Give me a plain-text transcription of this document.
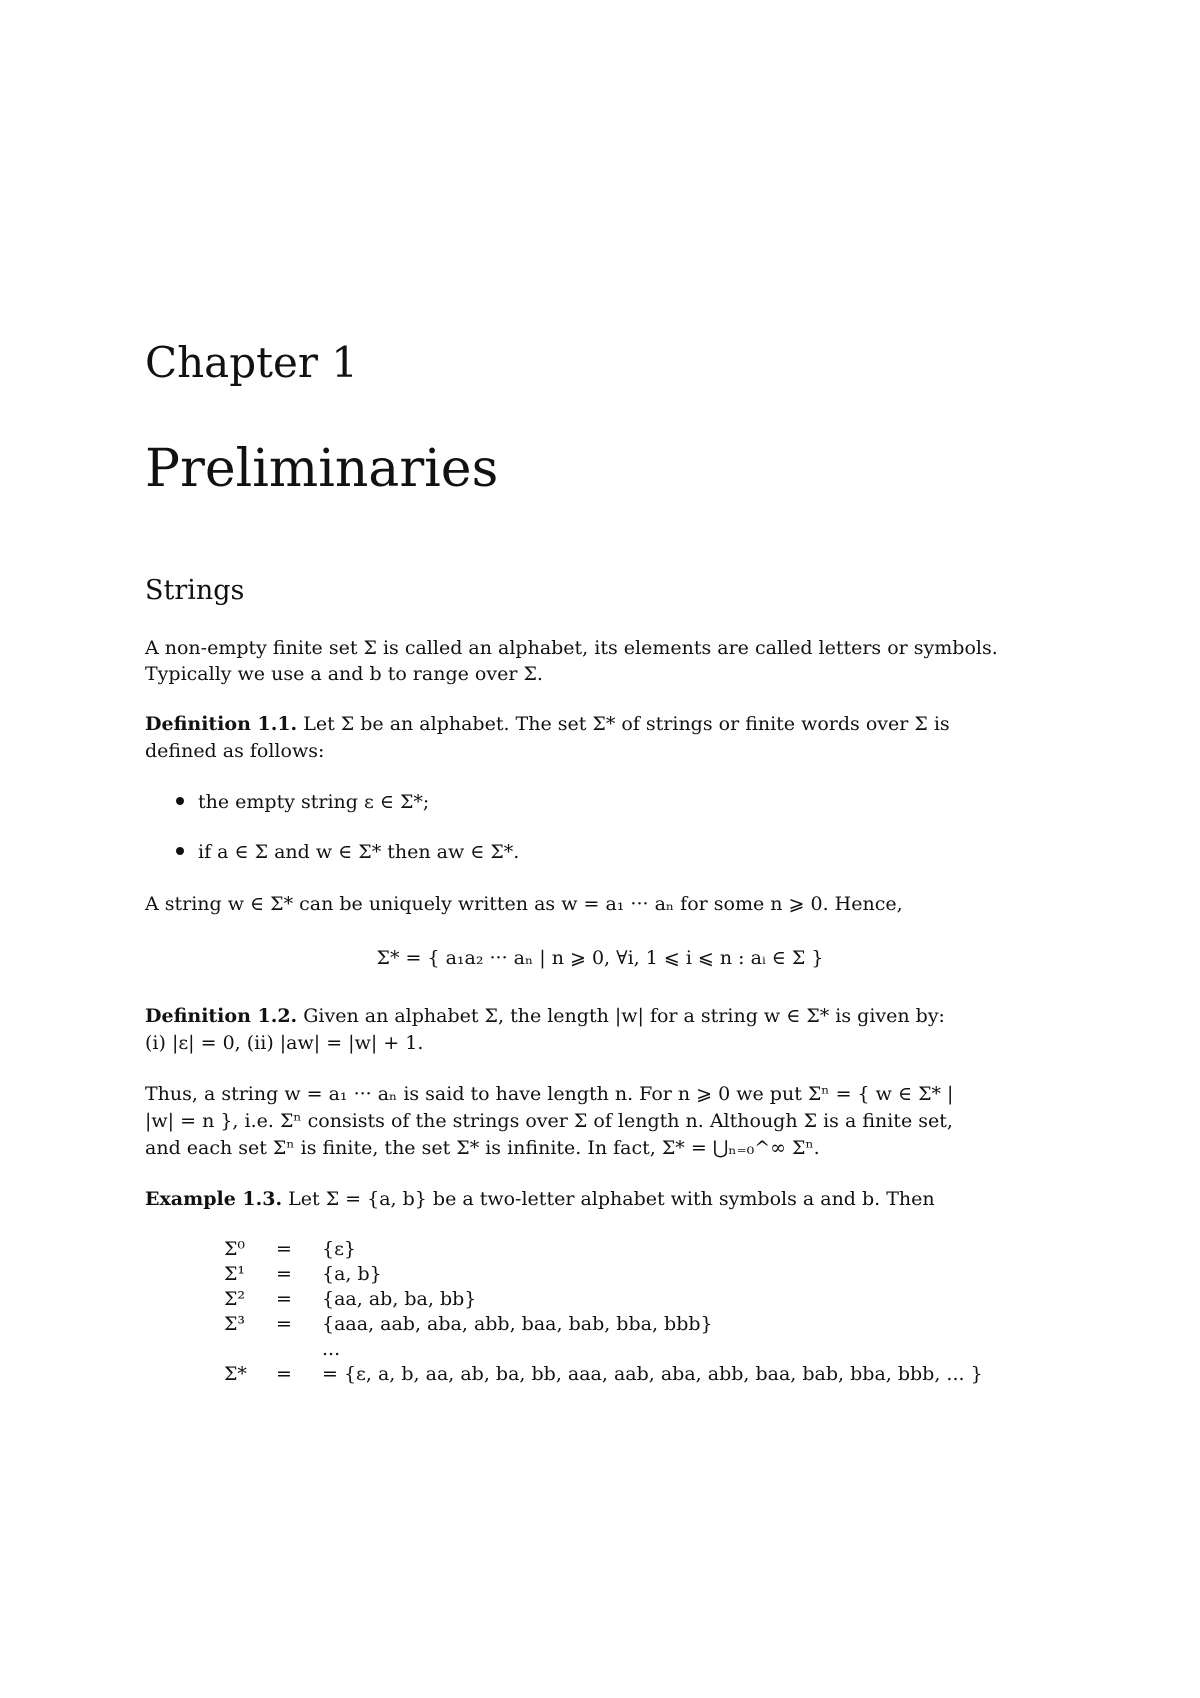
Chapter 1
Preliminaries
Strings
A non-empty finite set Σ is called an alphabet, its elements are called letters or symbols.
Typically we use a and b to range over Σ.
Definition 1.1. Let Σ be an alphabet. The set Σ* of strings or finite words over Σ is
defined as follows:
the empty string ε ∈ Σ*;
if a ∈ Σ and w ∈ Σ* then aw ∈ Σ*.
A string w ∈ Σ* can be uniquely written as w = a₁ ··· aₙ for some n ⩾ 0. Hence,
Σ* = { a₁a₂ ··· aₙ | n ⩾ 0, ∀i, 1 ⩽ i ⩽ n : aᵢ ∈ Σ }
Definition 1.2. Given an alphabet Σ, the length |w| for a string w ∈ Σ* is given by:
(i) |ε| = 0, (ii) |aw| = |w| + 1.
Thus, a string w = a₁ ··· aₙ is said to have length n. For n ⩾ 0 we put Σⁿ = { w ∈ Σ* |
|w| = n }, i.e. Σⁿ consists of the strings over Σ of length n. Although Σ is a finite set,
and each set Σⁿ is finite, the set Σ* is infinite. In fact, Σ* = ⋃ₙ₌₀^∞ Σⁿ.
Example 1.3. Let Σ = {a, b} be a two-letter alphabet with symbols a and b. Then
Σ⁰	=	{ε}
Σ¹	=	{a, b}
Σ²	=	{aa, ab, ba, bb}
Σ³	=	{aaa, aab, aba, abb, baa, bab, bba, bbb}
		...
Σ*	=	= {ε, a, b, aa, ab, ba, bb, aaa, aab, aba, abb, baa, bab, bba, bbb, ... }
